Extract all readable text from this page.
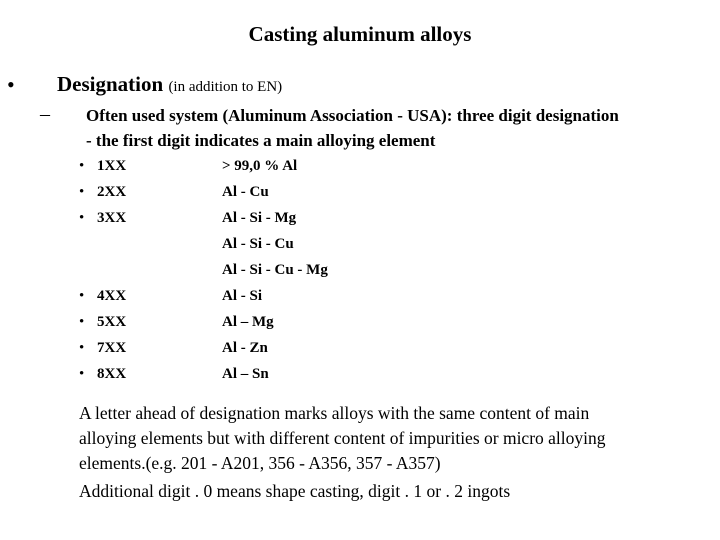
Casting aluminum alloys
• Designation (in addition to EN)
– Often used system (Aluminum Association - USA): three digit designation
- the first digit indicates a main alloying element
• 1XX	> 99,0 % Al
• 2XX	Al - Cu
• 3XX	Al - Si - Mg
Al - Si - Cu
Al - Si - Cu - Mg
• 4XX	Al - Si
• 5XX	Al – Mg
• 7XX	Al - Zn
• 8XX	Al – Sn
A letter ahead of designation marks alloys with the same content of main
alloying elements but with different content of impurities or micro alloying
elements.(e.g. 201 - A201, 356 - A356, 357 - A357)
Additional digit . 0 means shape casting, digit . 1 or . 2 ingots
